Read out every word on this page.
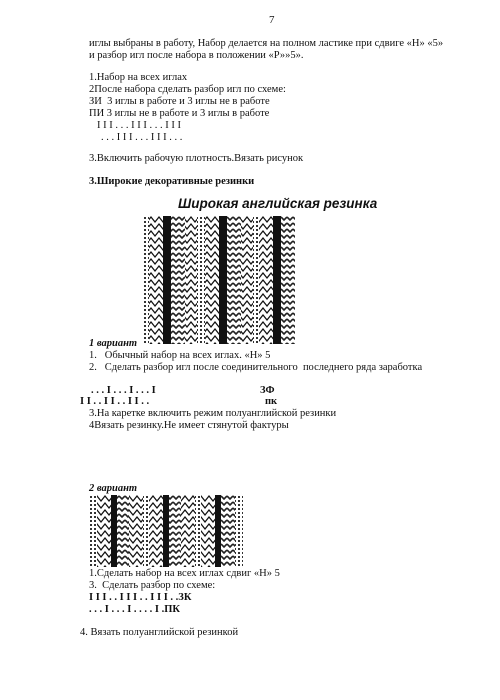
7
иглы выбраны в работу, Набор делается на полном ластике при сдвиге «Н» «5»
и разбор игл после набора в положении «Р»»5».
1.Набор на всех иглах
2После набора сделать разбор игл по схеме:
ЗИ  3 иглы в работе и 3 иглы не в работе
ПИ 3 иглы не в работе и 3 иглы в работе
I I I . . . I I I . . . I I I
. . . I I I . . . I I I . . .
3.Включить рабочую плотность.Вязать рисунок
3.Широкие декоративные резинки
Широкая английская резинка
1 вариант
1.   Обычный набор на всех иглах. «Н» 5
2.   Сделать разбор игл после соединительного  последнего ряда заработка
. . . I . . . I . . . I	ЗФ
I I . . I I . . I I . .	пк
3.На каретке включить режим полуанглийской резинки
4Вязать резинку.Не имеет стянутой фактуры
2 вариант
1.Сделать набор на всех иглах сдвиг «Н» 5
3.  Сделать разбор по схеме:
I I I . . I I I . . I I I . .ЗК
. . . I . . . I . . . . I .ПК
4. Вязать полуанглийской резинкой
